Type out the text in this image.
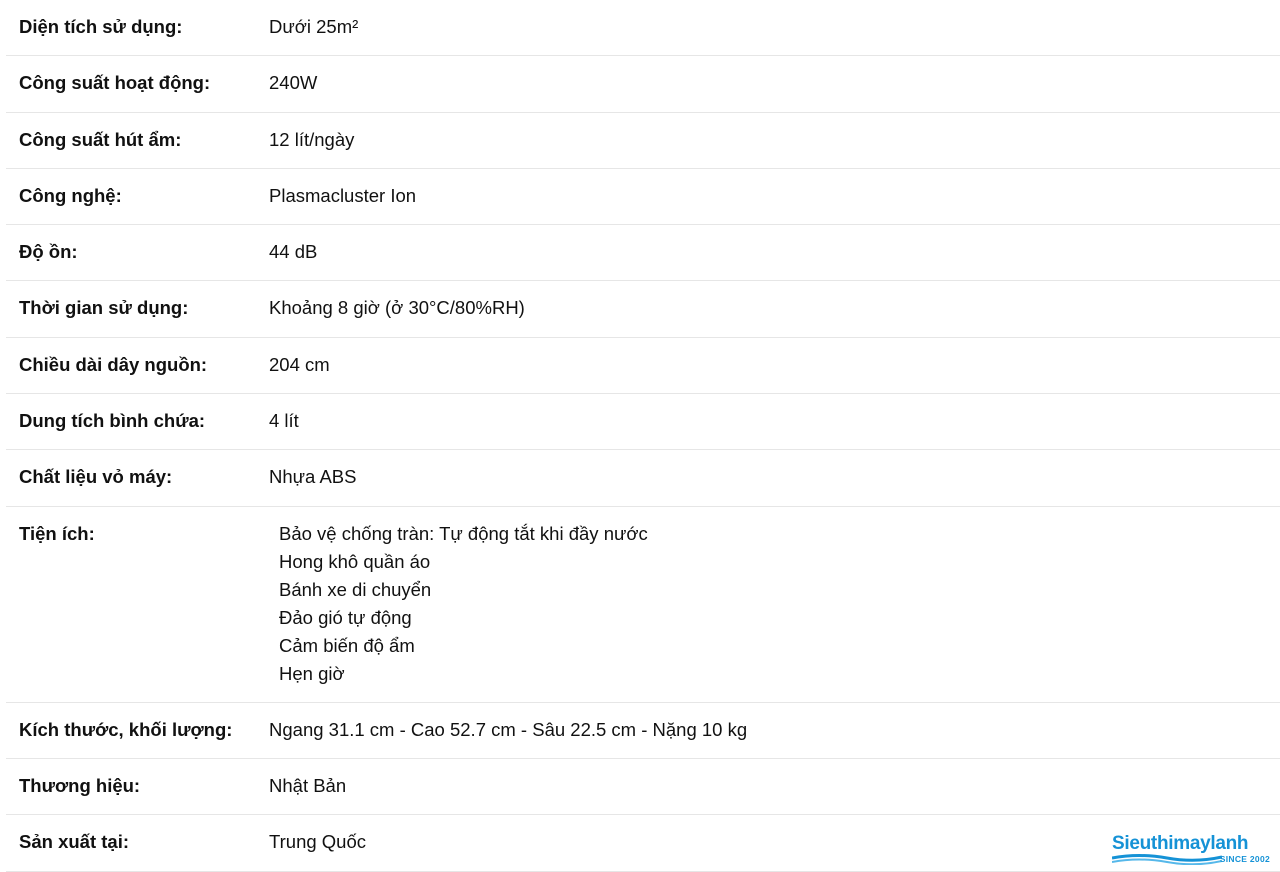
Diện tích sử dụng:	Dưới 25m²
Công suất hoạt động:	240W
Công suất hút ẩm:	12 lít/ngày
Công nghệ:	Plasmacluster Ion
Độ ồn:	44 dB
Thời gian sử dụng:	Khoảng 8 giờ (ở 30°C/80%RH)
Chiều dài dây nguồn:	204 cm
Dung tích bình chứa:	4 lít
Chất liệu vỏ máy:	Nhựa ABS
Tiện ích:	Bảo vệ chống tràn: Tự động tắt khi đầy nước
Hong khô quần áo
Bánh xe di chuyển
Đảo gió tự động
Cảm biến độ ẩm
Hẹn giờ
Kích thước, khối lượng:	Ngang 31.1 cm - Cao 52.7 cm - Sâu 22.5 cm - Nặng 10 kg
Thương hiệu:	Nhật Bản
Sản xuất tại:	Trung Quốc	Sieuthimaylanh
SINCE 2002
